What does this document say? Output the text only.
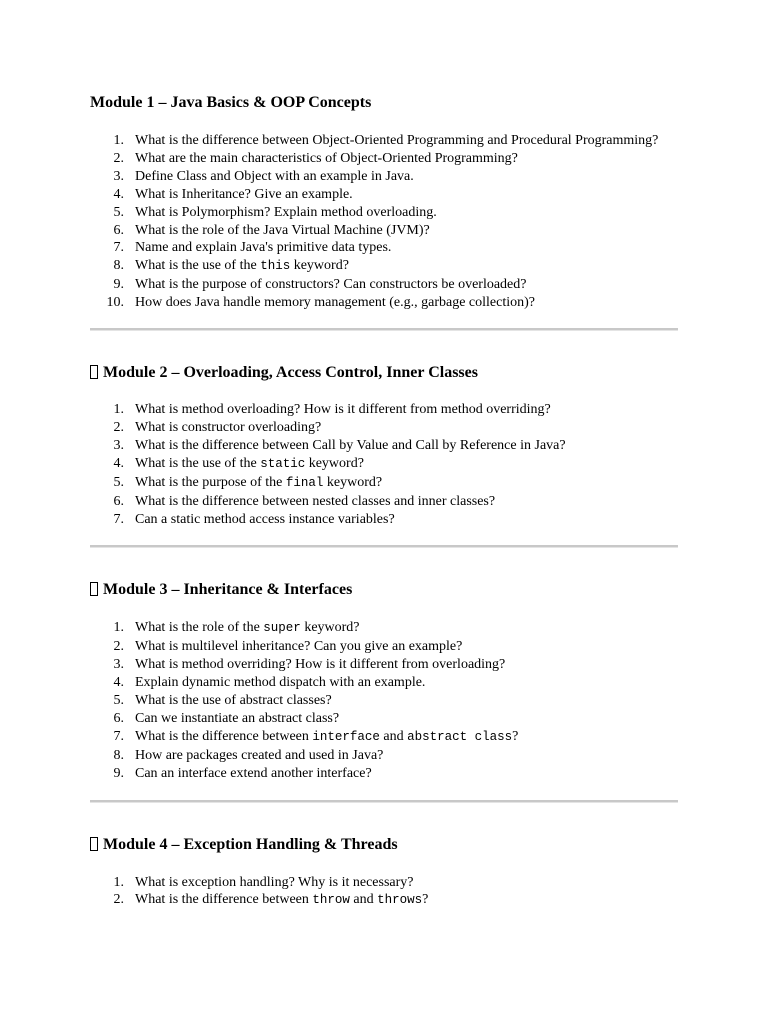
Module 1 – Java Basics & OOP Concepts
1. What is the difference between Object-Oriented Programming and Procedural Programming?
2. What are the main characteristics of Object-Oriented Programming?
3. Define Class and Object with an example in Java.
4. What is Inheritance? Give an example.
5. What is Polymorphism? Explain method overloading.
6. What is the role of the Java Virtual Machine (JVM)?
7. Name and explain Java's primitive data types.
8. What is the use of the this keyword?
9. What is the purpose of constructors? Can constructors be overloaded?
10. How does Java handle memory management (e.g., garbage collection)?
Module 2 – Overloading, Access Control, Inner Classes
1. What is method overloading? How is it different from method overriding?
2. What is constructor overloading?
3. What is the difference between Call by Value and Call by Reference in Java?
4. What is the use of the static keyword?
5. What is the purpose of the final keyword?
6. What is the difference between nested classes and inner classes?
7. Can a static method access instance variables?
Module 3 – Inheritance & Interfaces
1. What is the role of the super keyword?
2. What is multilevel inheritance? Can you give an example?
3. What is method overriding? How is it different from overloading?
4. Explain dynamic method dispatch with an example.
5. What is the use of abstract classes?
6. Can we instantiate an abstract class?
7. What is the difference between interface and abstract class?
8. How are packages created and used in Java?
9. Can an interface extend another interface?
Module 4 – Exception Handling & Threads
1. What is exception handling? Why is it necessary?
2. What is the difference between throw and throws?
